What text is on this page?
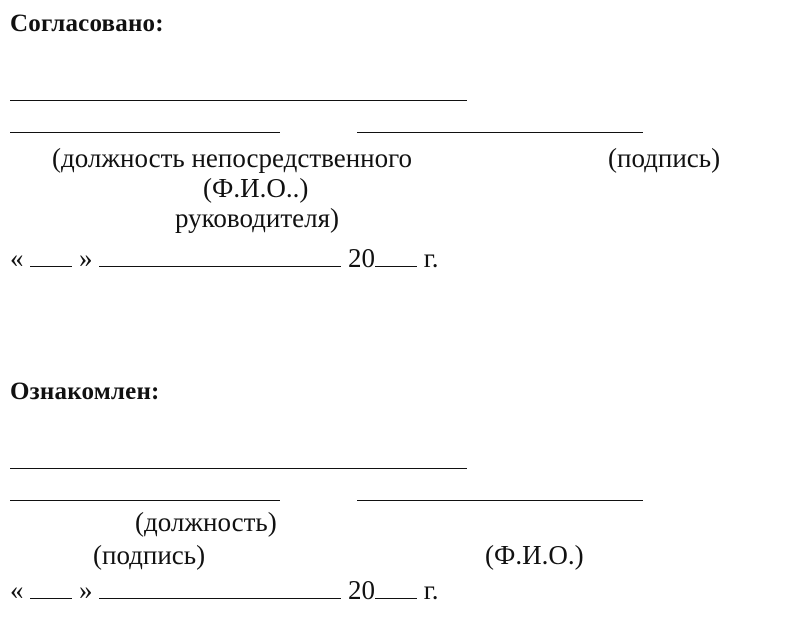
Согласовано:
(должность непосредственного	(подпись)
(Ф.И.О..)
руководителя)
« »	20 г.
Ознакомлен:
(должность)
(подпись)	(Ф.И.О.)
« »	20 г.
